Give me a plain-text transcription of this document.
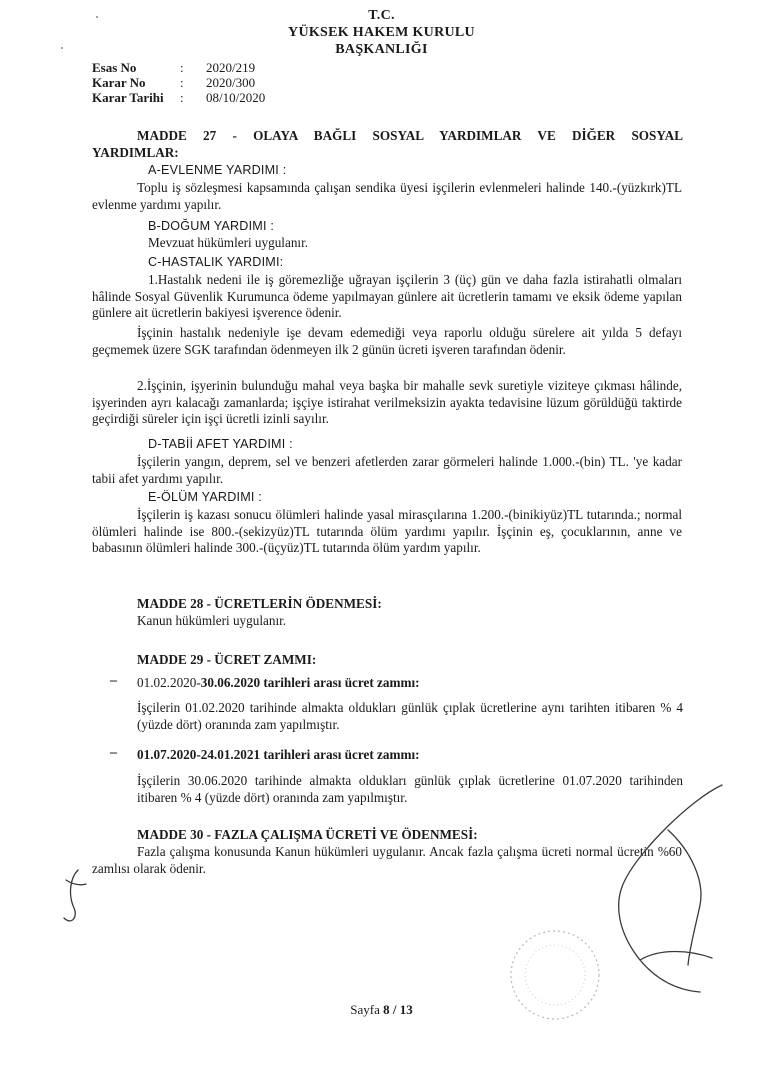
T.C.
YÜKSEK HAKEM KURULU
BAŞKANLIĞI
Esas No	:	2020/219
Karar No	:	2020/300
Karar Tarihi	:	08/10/2020
MADDE 27 - OLAYA BAĞLI SOSYAL YARDIMLAR VE DİĞER SOSYAL
YARDIMLAR:
A-EVLENME YARDIMI :
Toplu iş sözleşmesi kapsamında çalışan sendika üyesi işçilerin evlenmeleri halinde 140.-(yüzkırk)TL evlenme yardımı yapılır.
B-DOĞUM YARDIMI :
Mevzuat hükümleri uygulanır.
C-HASTALIK YARDIMI:
1.Hastalık nedeni ile iş göremezliğe uğrayan işçilerin 3 (üç) gün ve daha fazla istirahatli olmaları hâlinde Sosyal Güvenlik Kurumunca ödeme yapılmayan günlere ait ücretlerin tamamı ve eksik ödeme yapılan günlere ait ücretlerin bakiyesi işverence ödenir.
İşçinin hastalık nedeniyle işe devam edemediği veya raporlu olduğu sürelere ait yılda 5 defayı geçmemek üzere SGK tarafından ödenmeyen ilk 2 günün ücreti işveren tarafından ödenir.
2.İşçinin, işyerinin bulunduğu mahal veya başka bir mahalle sevk suretiyle viziteye çıkması hâlinde, işyerinden ayrı kalacağı zamanlarda; işçiye istirahat verilmeksizin ayakta tedavisine lüzum görüldüğü taktirde geçirdiği süreler için işçi ücretli izinli sayılır.
D-TABİİ AFET YARDIMI :
İşçilerin yangın, deprem, sel ve benzeri afetlerden zarar görmeleri halinde 1.000.-(bin) TL. 'ye kadar tabii afet yardımı yapılır.
E-ÖLÜM YARDIMI :
İşçilerin iş kazası sonucu ölümleri halinde yasal mirasçılarına 1.200.-(binikiyüz)TL tutarında.; normal ölümleri halinde ise 800.-(sekizyüz)TL tutarında ölüm yardımı yapılır. İşçinin eş, çocuklarının, anne ve babasının ölümleri halinde 300.-(üçyüz)TL tutarında ölüm yardım yapılır.
MADDE 28 - ÜCRETLERİN ÖDENMESİ:
Kanun hükümleri uygulanır.
MADDE 29 - ÜCRET ZAMMI:
– 01.02.2020-30.06.2020 tarihleri arası ücret zammı:
İşçilerin 01.02.2020 tarihinde almakta oldukları günlük çıplak ücretlerine aynı tarihten itibaren % 4 (yüzde dört) oranında zam yapılmıştır.
– 01.07.2020-24.01.2021 tarihleri arası ücret zammı:
İşçilerin 30.06.2020 tarihinde almakta oldukları günlük çıplak ücretlerine 01.07.2020 tarihinden itibaren % 4 (yüzde dört) oranında zam yapılmıştır.
MADDE 30 - FAZLA ÇALIŞMA ÜCRETİ VE ÖDENMESİ:
Fazla çalışma konusunda Kanun hükümleri uygulanır. Ancak fazla çalışma ücreti normal ücretin %60 zamlısı olarak ödenir.
Sayfa 8 / 13
